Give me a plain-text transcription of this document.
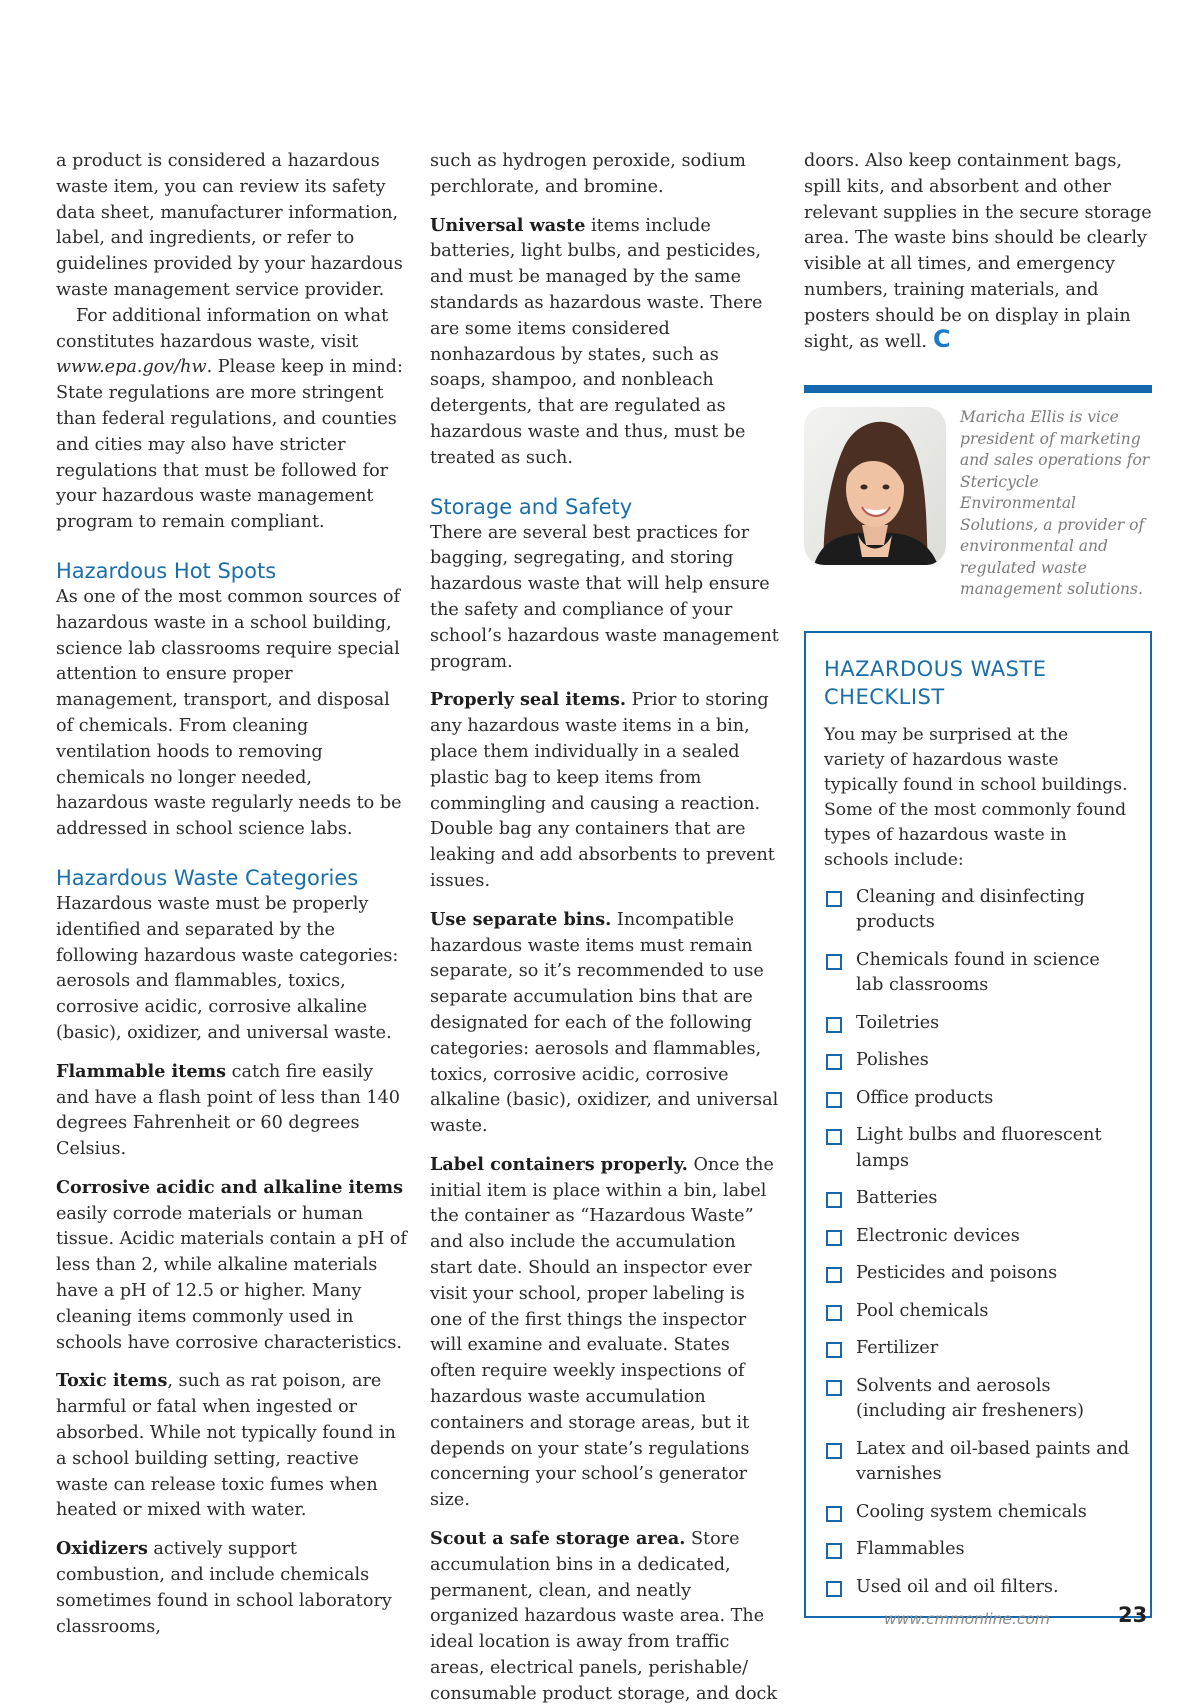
a product is considered a hazardous waste item, you can review its safety data sheet, manufacturer information, label, and ingredients, or refer to guidelines provided by your hazardous waste management service provider.

For additional information on what constitutes hazardous waste, visit www.epa.gov/hw. Please keep in mind: State regulations are more stringent than federal regulations, and counties and cities may also have stricter regulations that must be followed for your hazardous waste management program to remain compliant.

Hazardous Hot Spots

As one of the most common sources of hazardous waste in a school building, science lab classrooms require special attention to ensure proper management, transport, and disposal of chemicals. From cleaning ventilation hoods to removing chemicals no longer needed, hazardous waste regularly needs to be addressed in school science labs.

Hazardous Waste Categories

Hazardous waste must be properly identified and separated by the following hazardous waste categories: aerosols and flammables, toxics, corrosive acidic, corrosive alkaline (basic), oxidizer, and universal waste.

Flammable items catch fire easily and have a flash point of less than 140 degrees Fahrenheit or 60 degrees Celsius.

Corrosive acidic and alkaline items easily corrode materials or human tissue. Acidic materials contain a pH of less than 2, while alkaline materials have a pH of 12.5 or higher. Many cleaning items commonly used in schools have corrosive characteristics.

Toxic items, such as rat poison, are harmful or fatal when ingested or absorbed. While not typically found in a school building setting, reactive waste can release toxic fumes when heated or mixed with water.

Oxidizers actively support combustion, and include chemicals sometimes found in school laboratory classrooms,

such as hydrogen peroxide, sodium perchlorate, and bromine.

Universal waste items include batteries, light bulbs, and pesticides, and must be managed by the same standards as hazardous waste. There are some items considered nonhazardous by states, such as soaps, shampoo, and nonbleach detergents, that are regulated as hazardous waste and thus, must be treated as such.

Storage and Safety

There are several best practices for bagging, segregating, and storing hazardous waste that will help ensure the safety and compliance of your school’s hazardous waste management program.

Properly seal items. Prior to storing any hazardous waste items in a bin, place them individually in a sealed plastic bag to keep items from commingling and causing a reaction. Double bag any containers that are leaking and add absorbents to prevent issues.

Use separate bins. Incompatible hazardous waste items must remain separate, so it’s recommended to use separate accumulation bins that are designated for each of the following categories: aerosols and flammables, toxics, corrosive acidic, corrosive alkaline (basic), oxidizer, and universal waste.

Label containers properly. Once the initial item is place within a bin, label the container as “Hazardous Waste” and also include the accumulation start date. Should an inspector ever visit your school, proper labeling is one of the first things the inspector will examine and evaluate. States often require weekly inspections of hazardous waste accumulation containers and storage areas, but it depends on your state’s regulations concerning your school’s generator size.

Scout a safe storage area. Store accumulation bins in a dedicated, permanent, clean, and neatly organized hazardous waste area. The ideal location is away from traffic areas, electrical panels, perishable/ consumable product storage, and dock

doors. Also keep containment bags, spill kits, and absorbent and other relevant supplies in the secure storage area. The waste bins should be clearly visible at all times, and emergency numbers, training materials, and posters should be on display in plain sight, as well. C

Maricha Ellis is vice president of marketing and sales operations for Stericycle Environmental Solutions, a provider of environmental and regulated waste management solutions.
HAZARDOUS WASTE CHECKLIST

You may be surprised at the variety of hazardous waste typically found in school buildings. Some of the most commonly found types of hazardous waste in schools include:

Cleaning and disinfecting products
Chemicals found in science lab classrooms
Toiletries
Polishes
Office products
Light bulbs and fluorescent lamps
Batteries
Electronic devices
Pesticides and poisons
Pool chemicals
Fertilizer
Solvents and aerosols (including air fresheners)
Latex and oil-based paints and varnishes
Cooling system chemicals
Flammables
Used oil and oil filters.
www.cmmonline.com	23
